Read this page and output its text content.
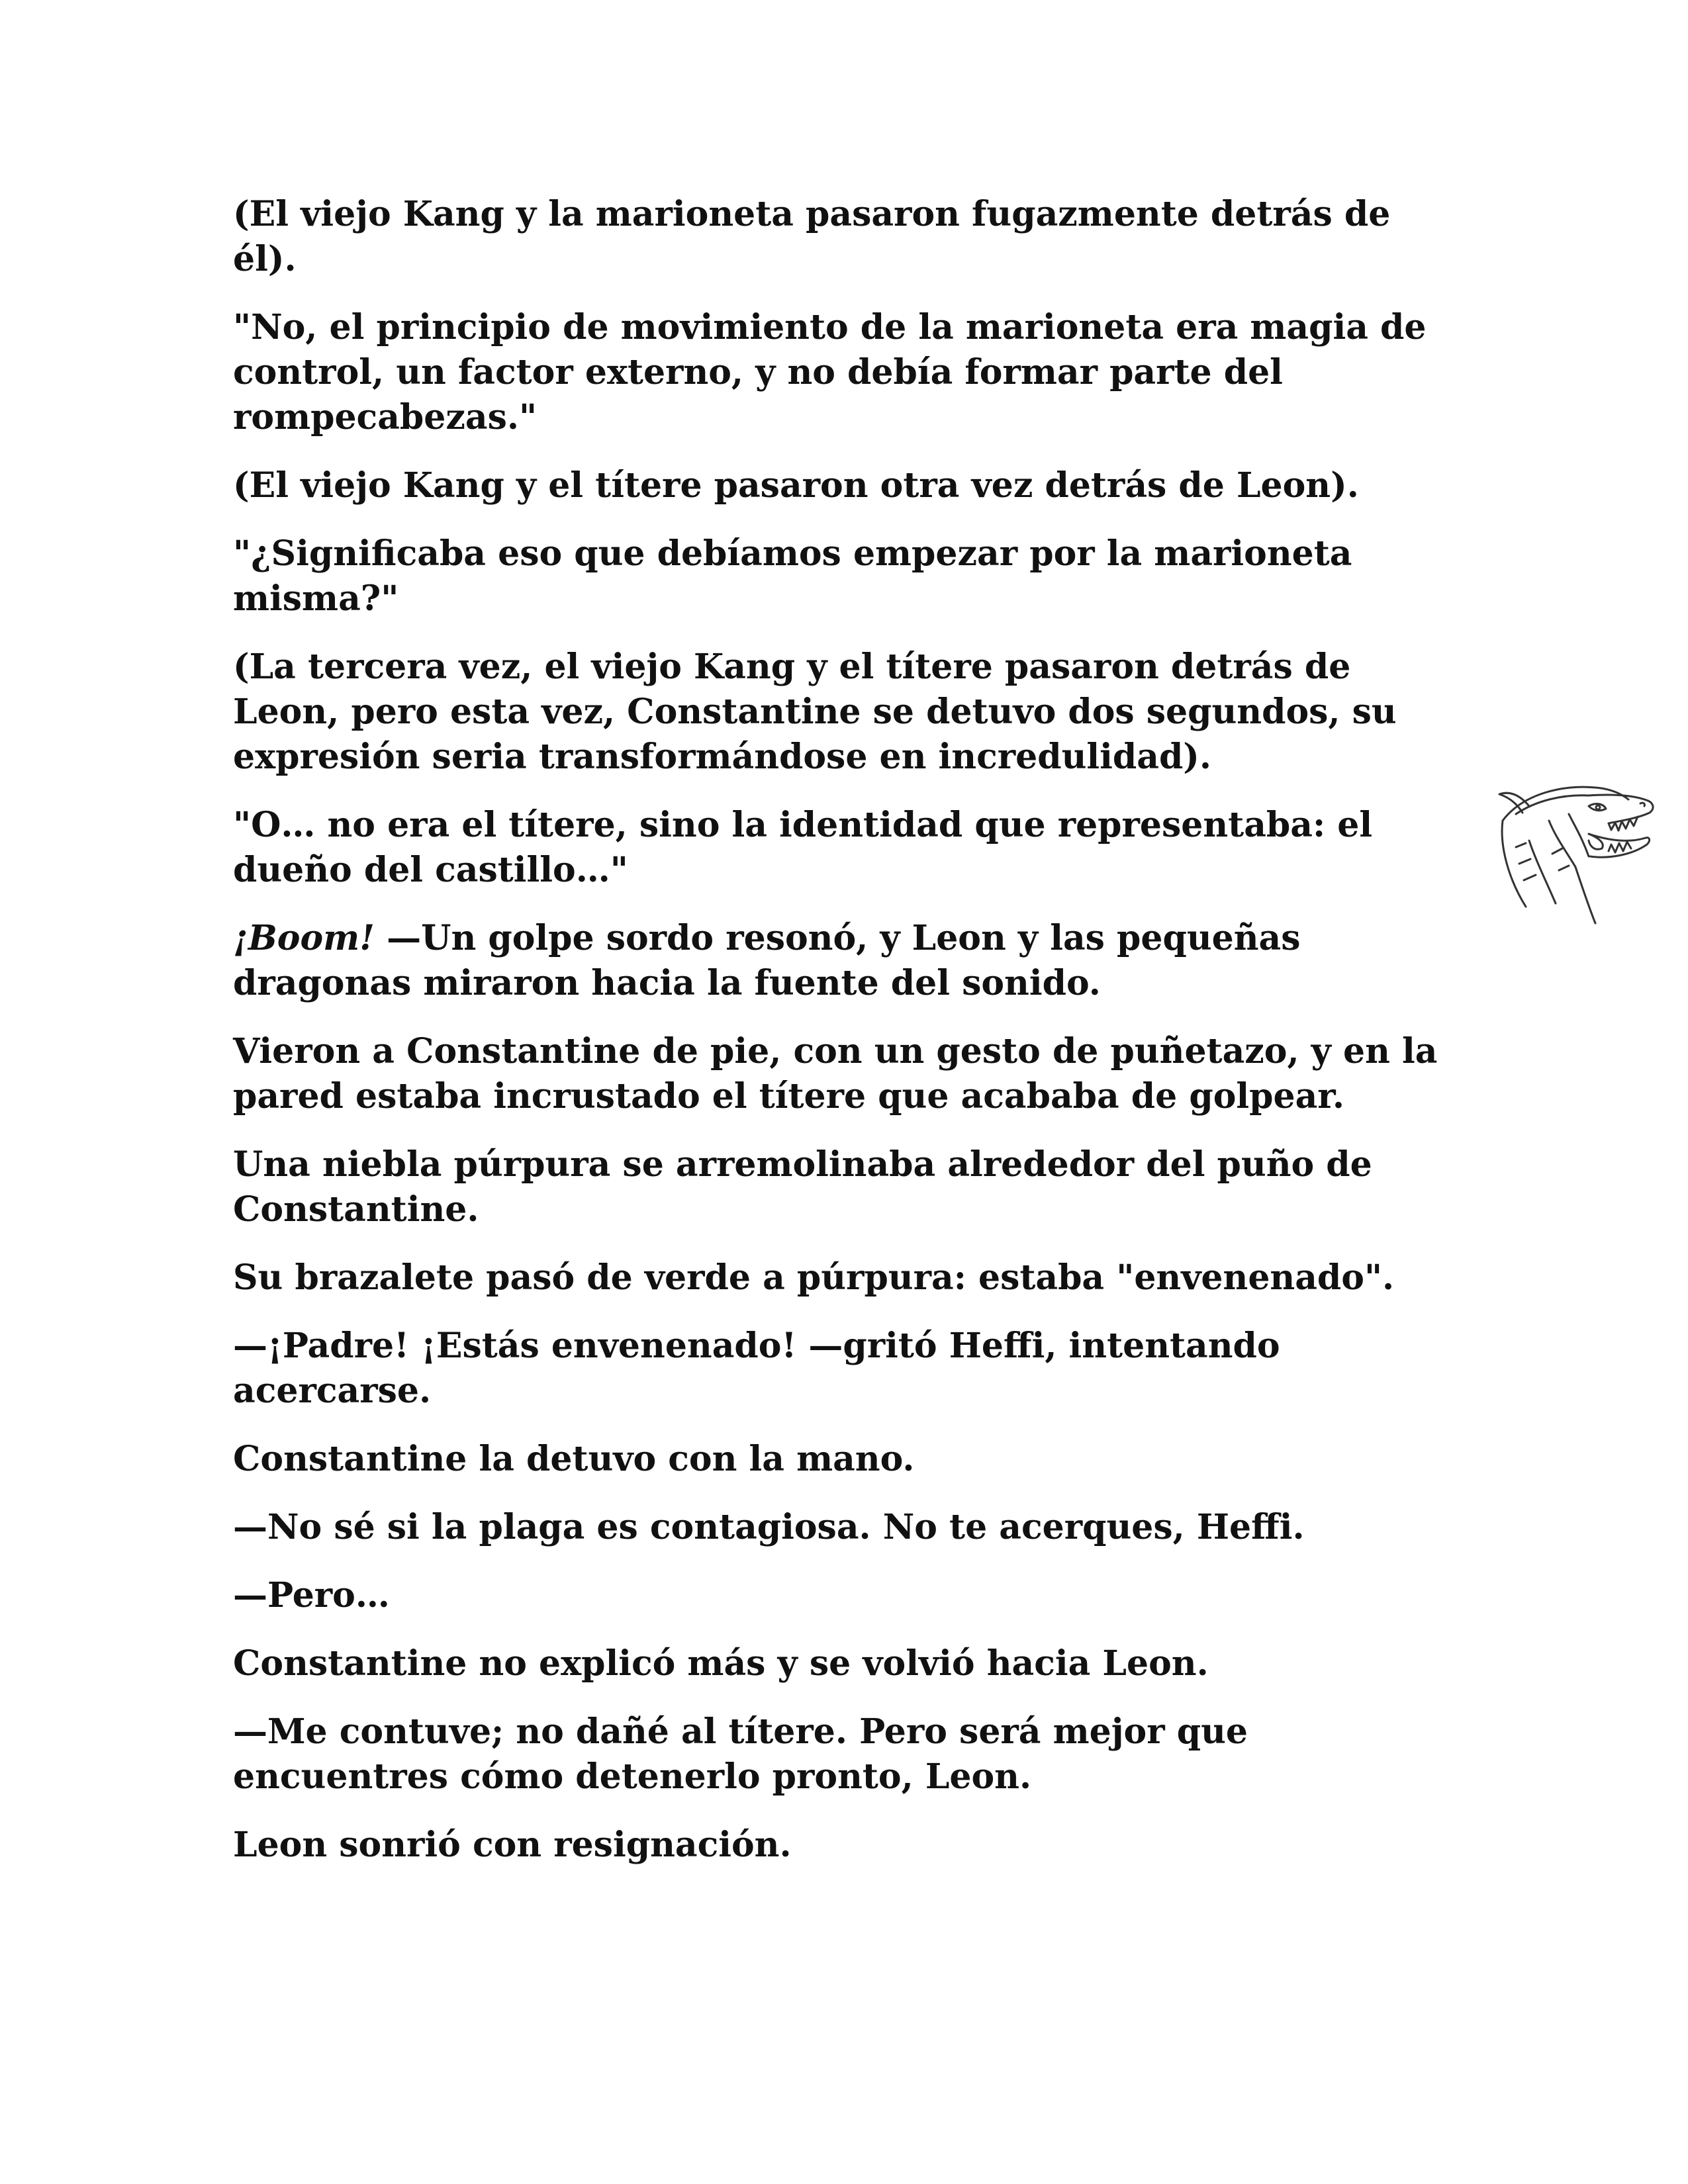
(El viejo Kang y la marioneta pasaron fugazmente detrás de él).

"No, el principio de movimiento de la marioneta era magia de control, un factor externo, y no debía formar parte del rompecabezas."

(El viejo Kang y el títere pasaron otra vez detrás de Leon).

"¿Significaba eso que debíamos empezar por la marioneta misma?"

(La tercera vez, el viejo Kang y el títere pasaron detrás de Leon, pero esta vez, Constantine se detuvo dos segundos, su expresión seria transformándose en incredulidad).

"O… no era el títere, sino la identidad que representaba: el dueño del castillo…"

¡Boom! —Un golpe sordo resonó, y Leon y las pequeñas dragonas miraron hacia la fuente del sonido.

Vieron a Constantine de pie, con un gesto de puñetazo, y en la pared estaba incrustado el títere que acababa de golpear.

Una niebla púrpura se arremolinaba alrededor del puño de Constantine.

Su brazalete pasó de verde a púrpura: estaba "envenenado".

—¡Padre! ¡Estás envenenado! —gritó Heffi, intentando acercarse.

Constantine la detuvo con la mano.

—No sé si la plaga es contagiosa. No te acerques, Heffi.

—Pero…

Constantine no explicó más y se volvió hacia Leon.

—Me contuve; no dañé al títere. Pero será mejor que encuentres cómo detenerlo pronto, Leon.

Leon sonrió con resignación.
